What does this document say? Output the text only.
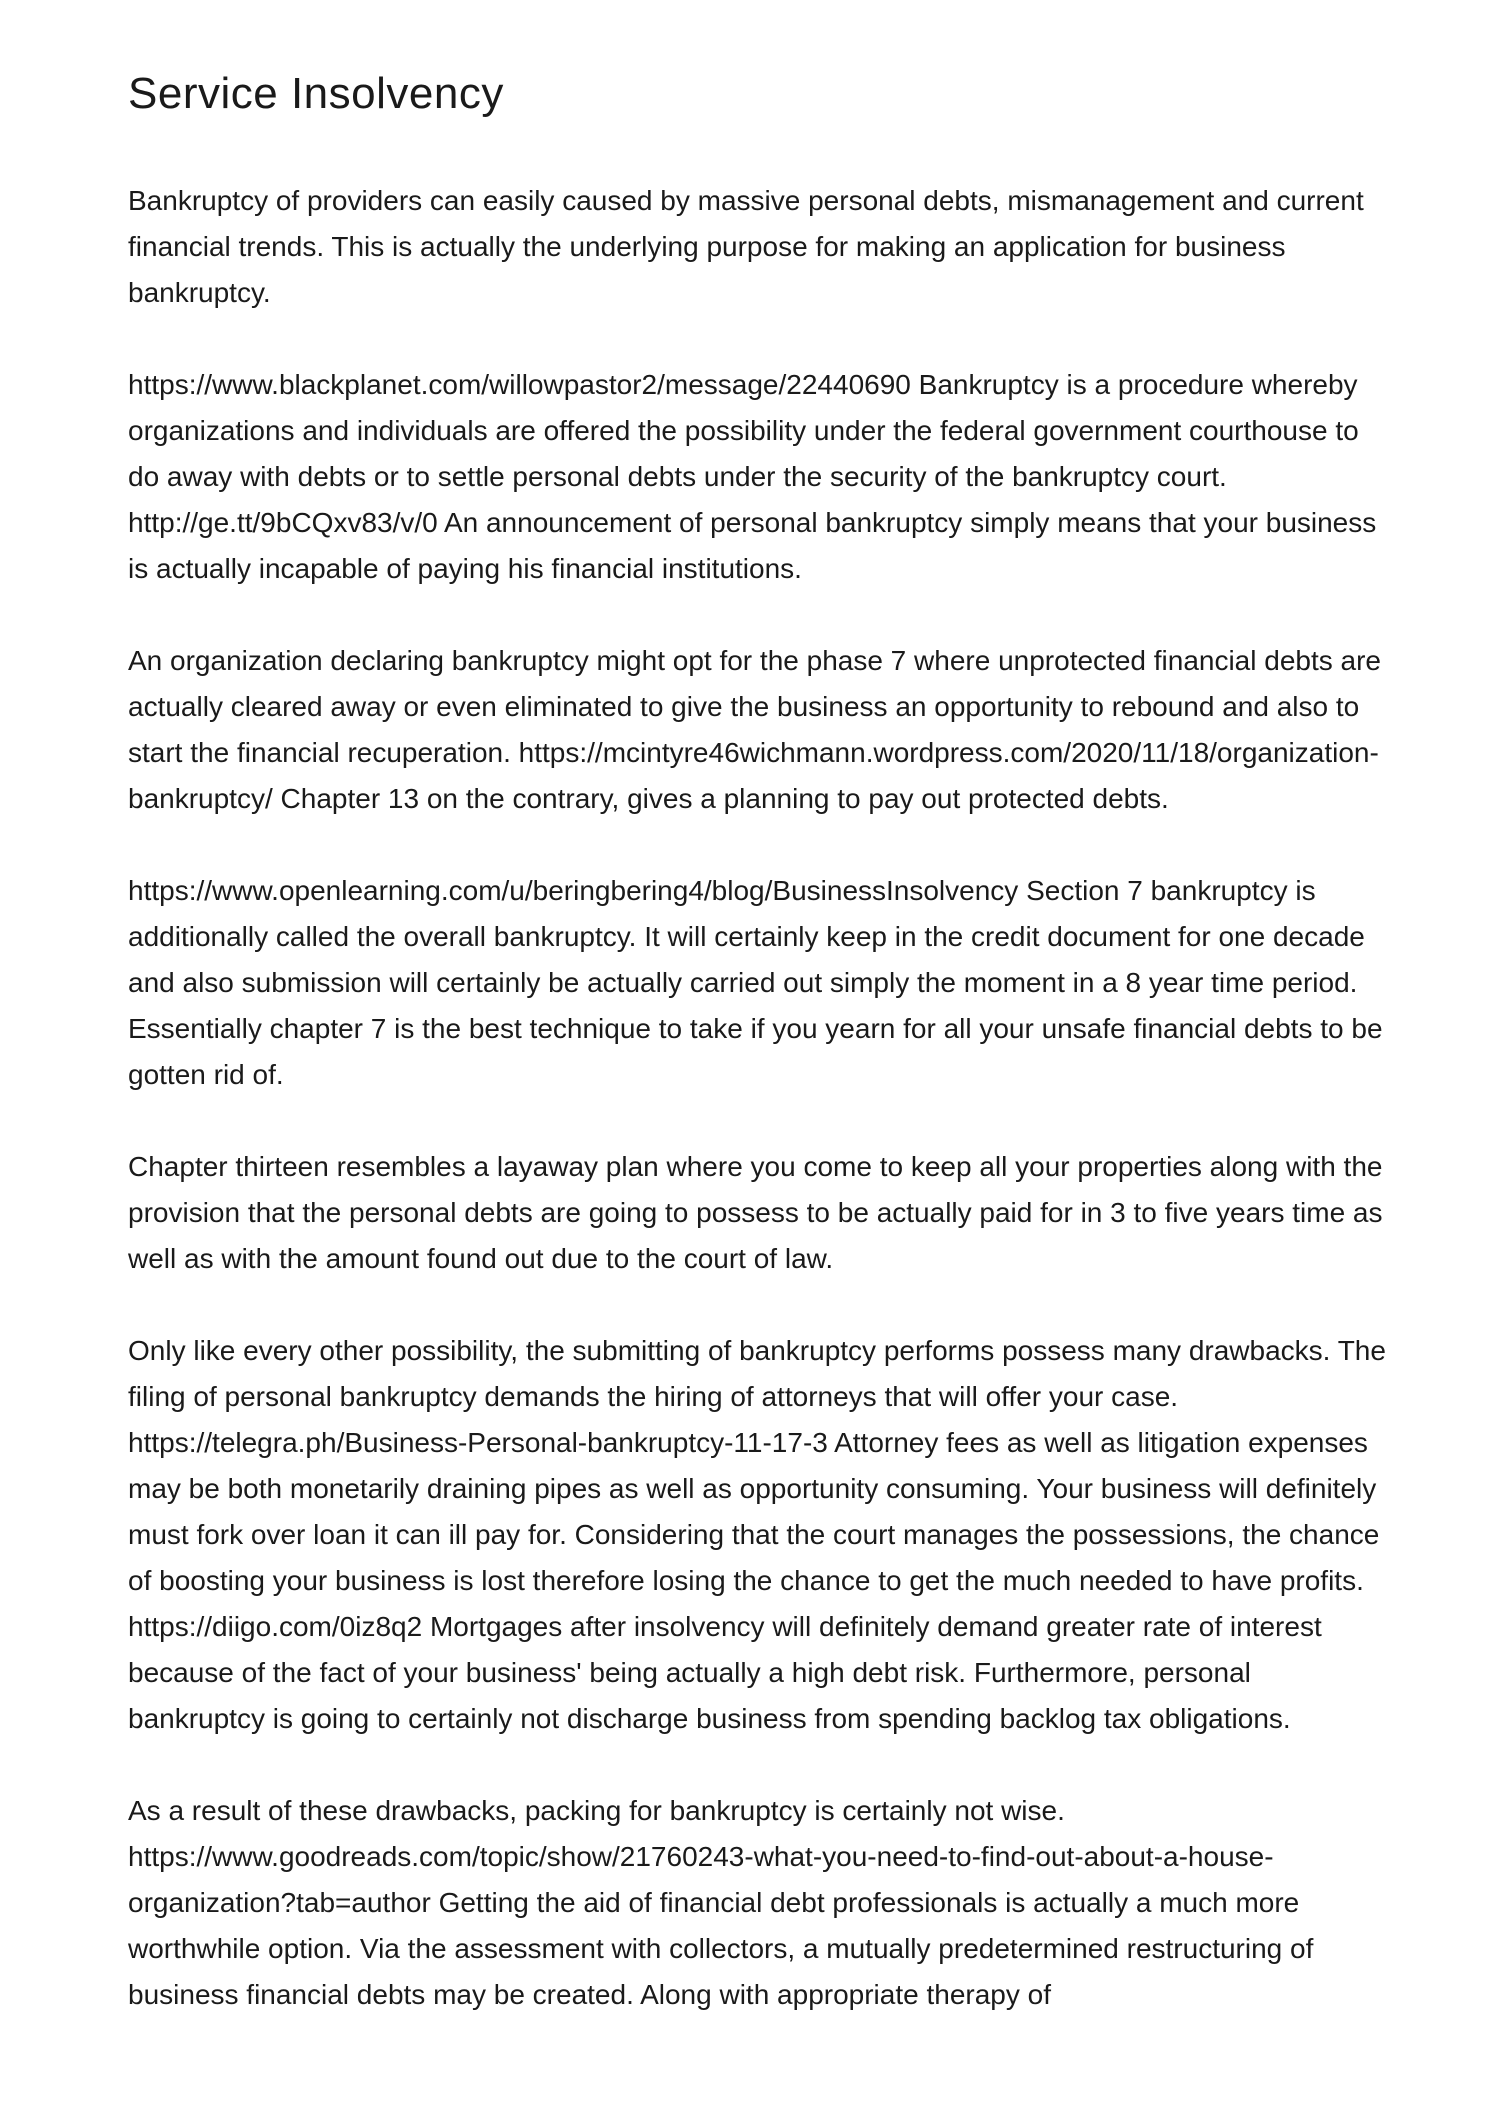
Service Insolvency

Bankruptcy of providers can easily caused by massive personal debts, mismanagement and current financial trends. This is actually the underlying purpose for making an application for business bankruptcy.

https://www.blackplanet.com/willowpastor2/message/22440690 Bankruptcy is a procedure whereby organizations and individuals are offered the possibility under the federal government courthouse to do away with debts or to settle personal debts under the security of the bankruptcy court. http://ge.tt/9bCQxv83/v/0 An announcement of personal bankruptcy simply means that your business is actually incapable of paying his financial institutions.

An organization declaring bankruptcy might opt for the phase 7 where unprotected financial debts are actually cleared away or even eliminated to give the business an opportunity to rebound and also to start the financial recuperation. https://mcintyre46wichmann.wordpress.com/2020/11/18/organization-bankruptcy/ Chapter 13 on the contrary, gives a planning to pay out protected debts.

https://www.openlearning.com/u/beringbering4/blog/BusinessInsolvency Section 7 bankruptcy is additionally called the overall bankruptcy. It will certainly keep in the credit document for one decade and also submission will certainly be actually carried out simply the moment in a 8 year time period. Essentially chapter 7 is the best technique to take if you yearn for all your unsafe financial debts to be gotten rid of.

Chapter thirteen resembles a layaway plan where you come to keep all your properties along with the provision that the personal debts are going to possess to be actually paid for in 3 to five years time as well as with the amount found out due to the court of law.

Only like every other possibility, the submitting of bankruptcy performs possess many drawbacks. The filing of personal bankruptcy demands the hiring of attorneys that will offer your case. https://telegra.ph/Business-Personal-bankruptcy-11-17-3 Attorney fees as well as litigation expenses may be both monetarily draining pipes as well as opportunity consuming. Your business will definitely must fork over loan it can ill pay for. Considering that the court manages the possessions, the chance of boosting your business is lost therefore losing the chance to get the much needed to have profits. https://diigo.com/0iz8q2 Mortgages after insolvency will definitely demand greater rate of interest because of the fact of your business' being actually a high debt risk. Furthermore, personal bankruptcy is going to certainly not discharge business from spending backlog tax obligations.

As a result of these drawbacks, packing for bankruptcy is certainly not wise. https://www.goodreads.com/topic/show/21760243-what-you-need-to-find-out-about-a-house-organization?tab=author Getting the aid of financial debt professionals is actually a much more worthwhile option. Via the assessment with collectors, a mutually predetermined restructuring of business financial debts may be created. Along with appropriate therapy of
